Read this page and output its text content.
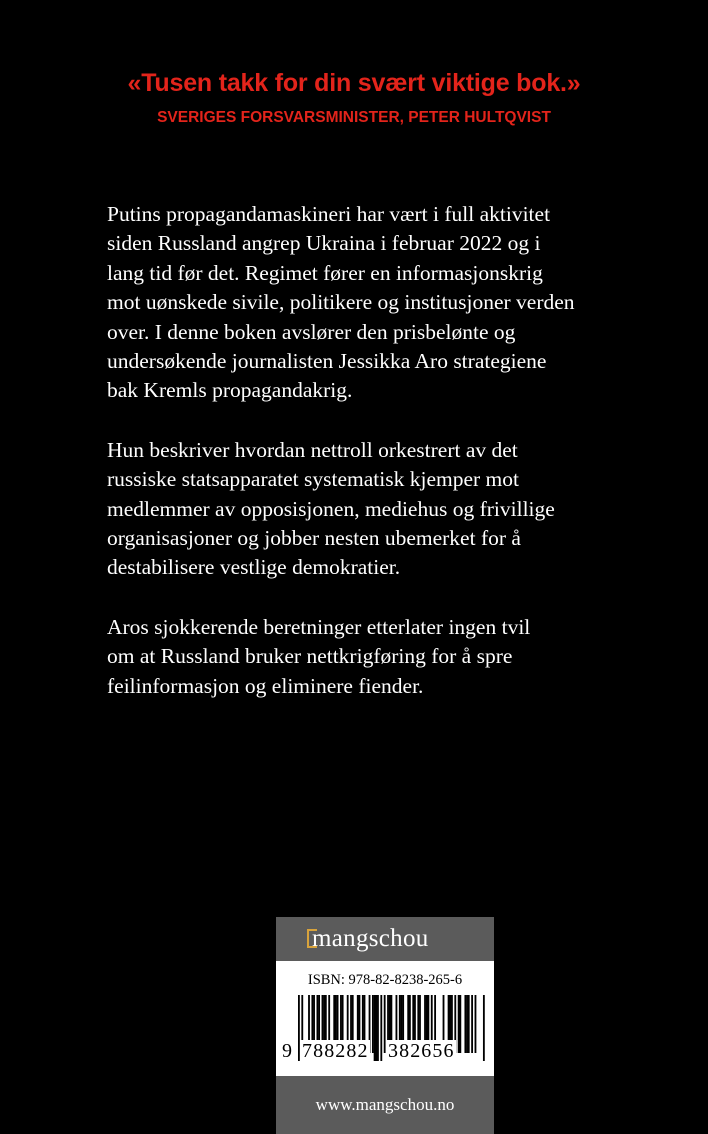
«Tusen takk for din svært viktige bok.»
SVERIGES FORSVARSMINISTER, PETER HULTQVIST

Putins propagandamaskineri har vært i full aktivitet
siden Russland angrep Ukraina i februar 2022 og i
lang tid før det. Regimet fører en informasjonskrig
mot uønskede sivile, politikere og institusjoner verden
over. I denne boken avslører den prisbelønte og
undersøkende journalisten Jessikka Aro strategiene
bak Kremls propagandakrig.

Hun beskriver hvordan nettroll orkestrert av det
russiske statsapparatet systematisk kjemper mot
medlemmer av opposisjonen, mediehus og frivillige
organisasjoner og jobber nesten ubemerket for å
destabilisere vestlige demokratier.

Aros sjokkerende beretninger etterlater ingen tvil
om at Russland bruker nettkrigføring for å spre
feilinformasjon og eliminere fiender.

mangschou
ISBN: 978-82-8238-265-6
9 788282 382656
www.mangschou.no
